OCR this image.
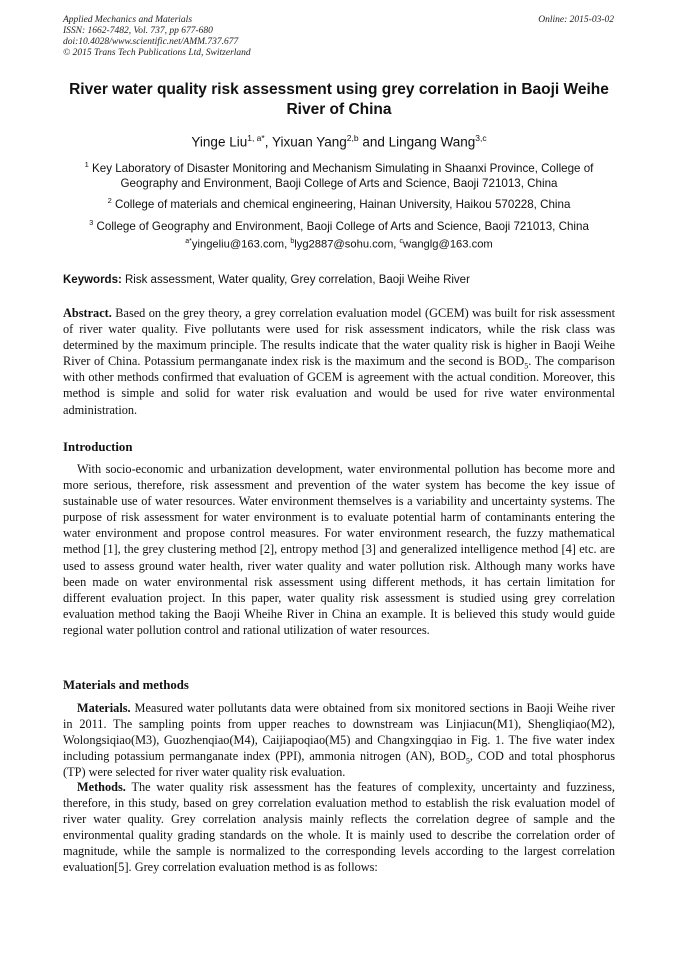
Applied Mechanics and Materials
ISSN: 1662-7482, Vol. 737, pp 677-680
doi:10.4028/www.scientific.net/AMM.737.677
© 2015 Trans Tech Publications Ltd, Switzerland
Online: 2015-03-02
River water quality risk assessment using grey correlation in Baoji Weihe River of China
Yinge Liu$^{1, a*}$, Yixuan Yang$^{2,b}$ and Lingang Wang$^{3,c}$
$^1$ Key Laboratory of Disaster Monitoring and Mechanism Simulating in Shaanxi Province, College of Geography and Environment, Baoji College of Arts and Science, Baoji 721013, China
$^2$ College of materials and chemical engineering, Hainan University, Haikou 570228, China
$^3$ College of Geography and Environment, Baoji College of Arts and Science, Baoji 721013, China
$^{a*}$yingeliu@163.com, $^b$lyg2887@sohu.com, $^c$wanglg@163.com
Keywords: Risk assessment, Water quality, Grey correlation, Baoji Weihe River
Abstract. Based on the grey theory, a grey correlation evaluation model (GCEM) was built for risk assessment of river water quality. Five pollutants were used for risk assessment indicators, while the risk class was determined by the maximum principle. The results indicate that the water quality risk is higher in Baoji Weihe River of China. Potassium permanganate index risk is the maximum and the second is $BOD_5$. The comparison with other methods confirmed that evaluation of GCEM is agreement with the actual condition. Moreover, this method is simple and solid for water risk evaluation and would be used for rive water environmental administration.
Introduction
With socio-economic and urbanization development, water environmental pollution has become more and more serious, therefore, risk assessment and prevention of the water system has become the key issue of sustainable use of water resources. Water environment themselves is a variability and uncertainty systems. The purpose of risk assessment for water environment is to evaluate potential harm of contaminants entering the water environment and propose control measures. For water environment research, the fuzzy mathematical method [1], the grey clustering method [2], entropy method [3] and generalized intelligence method [4] etc. are used to assess ground water health, river water quality and water pollution risk. Although many works have been made on water environmental risk assessment using different methods, it has certain limitation for different evaluation project. In this paper, water quality risk assessment is studied using grey correlation evaluation method taking the Baoji Wheihe River in China an example. It is believed this study would guide regional water pollution control and rational utilization of water resources.
Materials and methods
Materials. Measured water pollutants data were obtained from six monitored sections in Baoji Weihe river in 2011. The sampling points from upper reaches to downstream was Linjiacun(M1), Shengliqiao(M2), Wolongsiqiao(M3), Guozhenqiao(M4), Caijiapoqiao(M5) and Changxingqiao in Fig. 1. The five water index including potassium permanganate index (PPI), ammonia nitrogen (AN), $BOD_5$, COD and total phosphorus (TP) were selected for river water quality risk evaluation.
Methods. The water quality risk assessment has the features of complexity, uncertainty and fuzziness, therefore, in this study, based on grey correlation evaluation method to establish the risk evaluation model of river water quality. Grey correlation analysis mainly reflects the correlation degree of sample and the environmental quality grading standards on the whole. It is mainly used to describe the correlation order of magnitude, while the sample is normalized to the corresponding levels according to the largest correlation evaluation[5]. Grey correlation evaluation method is as follows:
